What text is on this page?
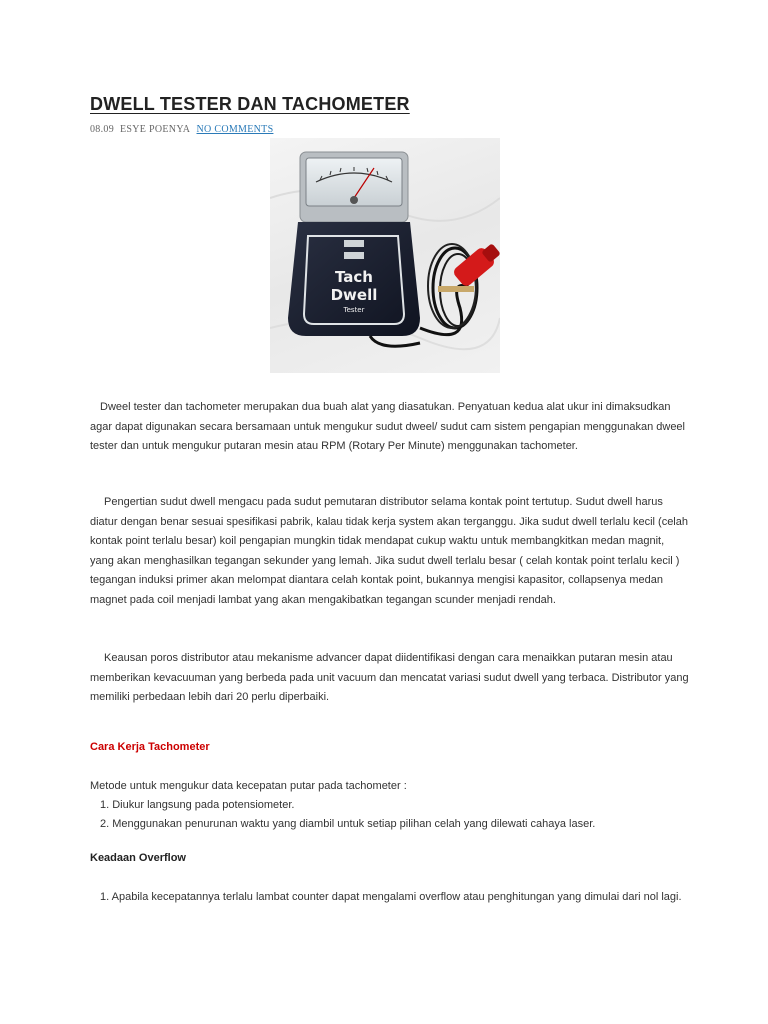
DWELL TESTER DAN TACHOMETER
08.09 ESYE POENYA NO COMMENTS
Tach
Dwell
Tester

Dweel tester dan tachometer merupakan dua buah alat yang diasatukan. Penyatuan kedua alat ukur ini dimaksudkan agar dapat digunakan secara bersamaan untuk mengukur sudut dweel/ sudut cam sistem pengapian menggunakan dweel tester dan untuk mengukur putaran mesin atau RPM (Rotary Per Minute) menggunakan tachometer.

Pengertian sudut dwell mengacu pada sudut pemutaran distributor selama kontak point tertutup. Sudut dwell harus diatur dengan benar sesuai spesifikasi pabrik, kalau tidak kerja system akan terganggu. Jika sudut dwell terlalu kecil (celah kontak point terlalu besar) koil pengapian mungkin tidak mendapat cukup waktu untuk membangkitkan medan magnit, yang akan menghasilkan tegangan sekunder yang lemah. Jika sudut dwell terlalu besar ( celah kontak point terlalu kecil ) tegangan induksi primer akan melompat diantara celah kontak point, bukannya mengisi kapasitor, collapsenya medan magnet pada coil menjadi lambat yang akan mengakibatkan tegangan scunder menjadi rendah.

Keausan poros distributor atau mekanisme advancer dapat diidentifikasi dengan cara menaikkan putaran mesin atau memberikan kevacuuman yang berbeda pada unit vacuum dan mencatat variasi sudut dwell yang terbaca. Distributor yang memiliki perbedaan lebih dari 20 perlu diperbaiki.

Cara Kerja Tachometer

Metode untuk mengukur data kecepatan putar pada tachometer :

1. Diukur langsung pada potensiometer.

2. Menggunakan penurunan waktu yang diambil untuk setiap pilihan celah yang dilewati cahaya laser.

Keadaan Overflow

1. Apabila kecepatannya terlalu lambat counter dapat mengalami overflow atau penghitungan yang dimulai dari nol lagi.
